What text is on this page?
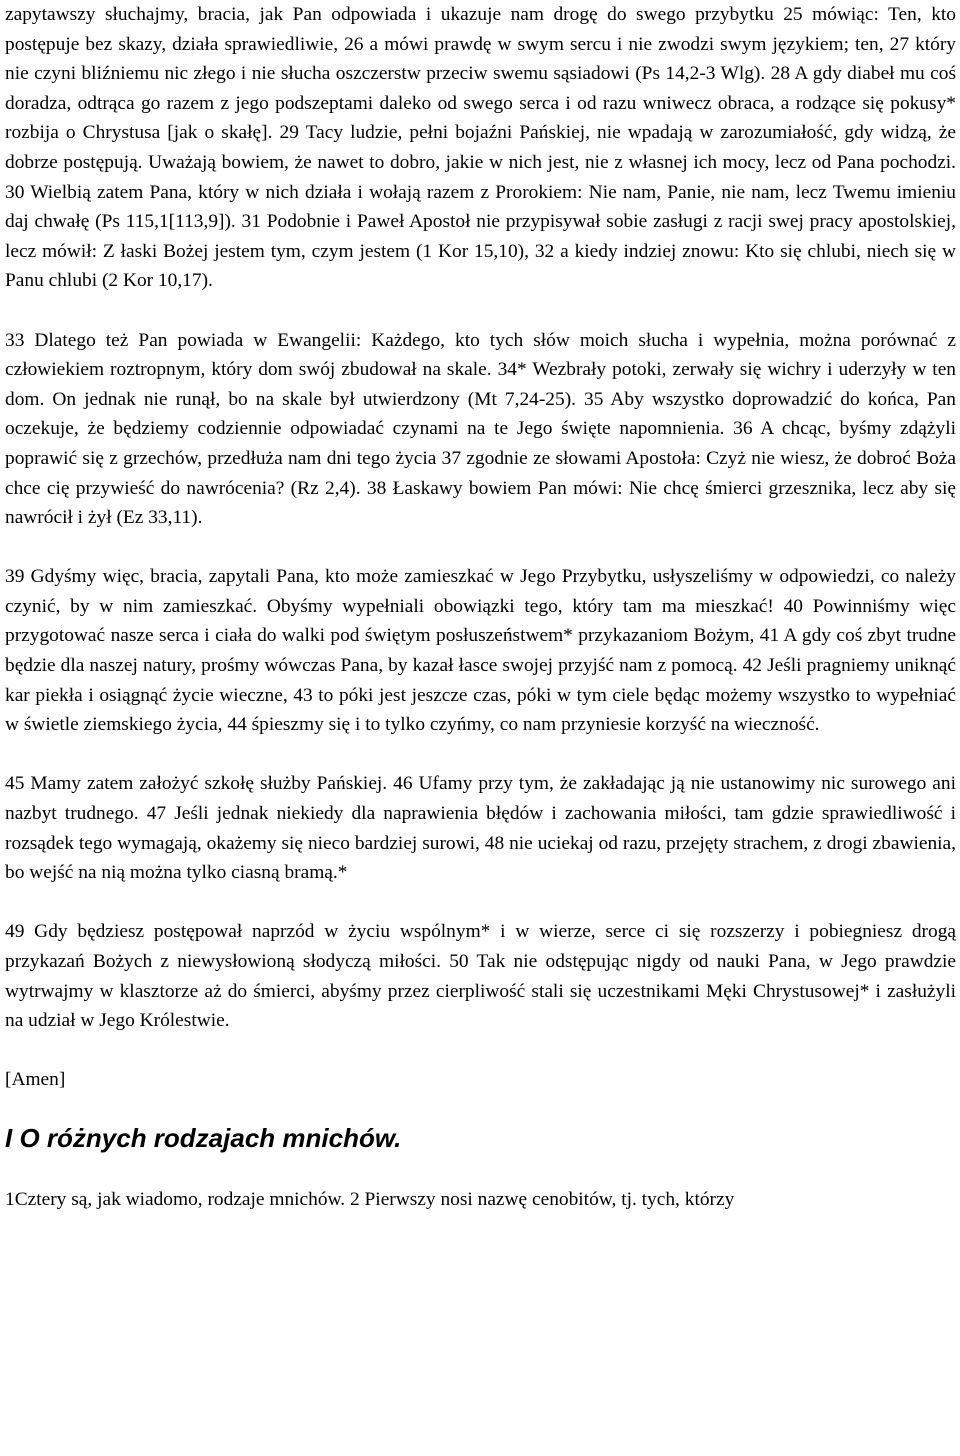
zapytawszy słuchajmy, bracia, jak Pan odpowiada i ukazuje nam drogę do swego przybytku 25 mówiąc: Ten, kto postępuje bez skazy, działa sprawiedliwie, 26 a mówi prawdę w swym sercu i nie zwodzi swym językiem; ten, 27 który nie czyni bliźniemu nic złego i nie słucha oszczerstw przeciw swemu sąsiadowi (Ps 14,2-3 Wlg). 28 A gdy diabeł mu coś doradza, odtrąca go razem z jego podszeptami daleko od swego serca i od razu wniwecz obraca, a rodzące się pokusy* rozbija o Chrystusa [jak o skałę]. 29 Tacy ludzie, pełni bojaźni Pańskiej, nie wpadają w zarozumiałość, gdy widzą, że dobrze postępują. Uważają bowiem, że nawet to dobro, jakie w nich jest, nie z własnej ich mocy, lecz od Pana pochodzi. 30 Wielbią zatem Pana, który w nich działa i wołają razem z Prorokiem: Nie nam, Panie, nie nam, lecz Twemu imieniu daj chwałę (Ps 115,1[113,9]). 31 Podobnie i Paweł Apostoł nie przypisywał sobie zasługi z racji swej pracy apostolskiej, lecz mówił: Z łaski Bożej jestem tym, czym jestem (1 Kor 15,10), 32 a kiedy indziej znowu: Kto się chlubi, niech się w Panu chlubi (2 Kor 10,17).

33 Dlatego też Pan powiada w Ewangelii: Każdego, kto tych słów moich słucha i wypełnia, można porównać z człowiekiem roztropnym, który dom swój zbudował na skale. 34* Wezbrały potoki, zerwały się wichry i uderzyły w ten dom. On jednak nie runął, bo na skale był utwierdzony (Mt 7,24-25). 35 Aby wszystko doprowadzić do końca, Pan oczekuje, że będziemy codziennie odpowiadać czynami na te Jego święte napomnienia. 36 A chcąc, byśmy zdążyli poprawić się z grzechów, przedłuża nam dni tego życia 37 zgodnie ze słowami Apostoła: Czyż nie wiesz, że dobroć Boża chce cię przywieść do nawrócenia? (Rz 2,4). 38 Łaskawy bowiem Pan mówi: Nie chcę śmierci grzesznika, lecz aby się nawrócił i żył (Ez 33,11).

39 Gdyśmy więc, bracia, zapytali Pana, kto może zamieszkać w Jego Przybytku, usłyszeliśmy w odpowiedzi, co należy czynić, by w nim zamieszkać. Obyśmy wypełniali obowiązki tego, który tam ma mieszkać! 40 Powinniśmy więc przygotować nasze serca i ciała do walki pod świętym posłuszeństwem* przykazaniom Bożym, 41 A gdy coś zbyt trudne będzie dla naszej natury, prośmy wówczas Pana, by kazał łasce swojej przyjść nam z pomocą. 42 Jeśli pragniemy uniknąć kar piekła i osiągnąć życie wieczne, 43 to póki jest jeszcze czas, póki w tym ciele będąc możemy wszystko to wypełniać w świetle ziemskiego życia, 44 śpieszmy się i to tylko czyńmy, co nam przyniesie korzyść na wieczność.

45 Mamy zatem założyć szkołę służby Pańskiej. 46 Ufamy przy tym, że zakładając ją nie ustanowimy nic surowego ani nazbyt trudnego. 47 Jeśli jednak niekiedy dla naprawienia błędów i zachowania miłości, tam gdzie sprawiedliwość i rozsądek tego wymagają, okażemy się nieco bardziej surowi, 48 nie uciekaj od razu, przejęty strachem, z drogi zbawienia, bo wejść na nią można tylko ciasną bramą.*

49 Gdy będziesz postępował naprzód w życiu wspólnym* i w wierze, serce ci się rozszerzy i pobiegniesz drogą przykazań Bożych z niewysłowioną słodyczą miłości. 50 Tak nie odstępując nigdy od nauki Pana, w Jego prawdzie wytrwajmy w klasztorze aż do śmierci, abyśmy przez cierpliwość stali się uczestnikami Męki Chrystusowej* i zasłużyli na udział w Jego Królestwie.

[Amen]

I O różnych rodzajach mnichów.

1Cztery są, jak wiadomo, rodzaje mnichów. 2 Pierwszy nosi nazwę cenobitów, tj. tych, którzy
